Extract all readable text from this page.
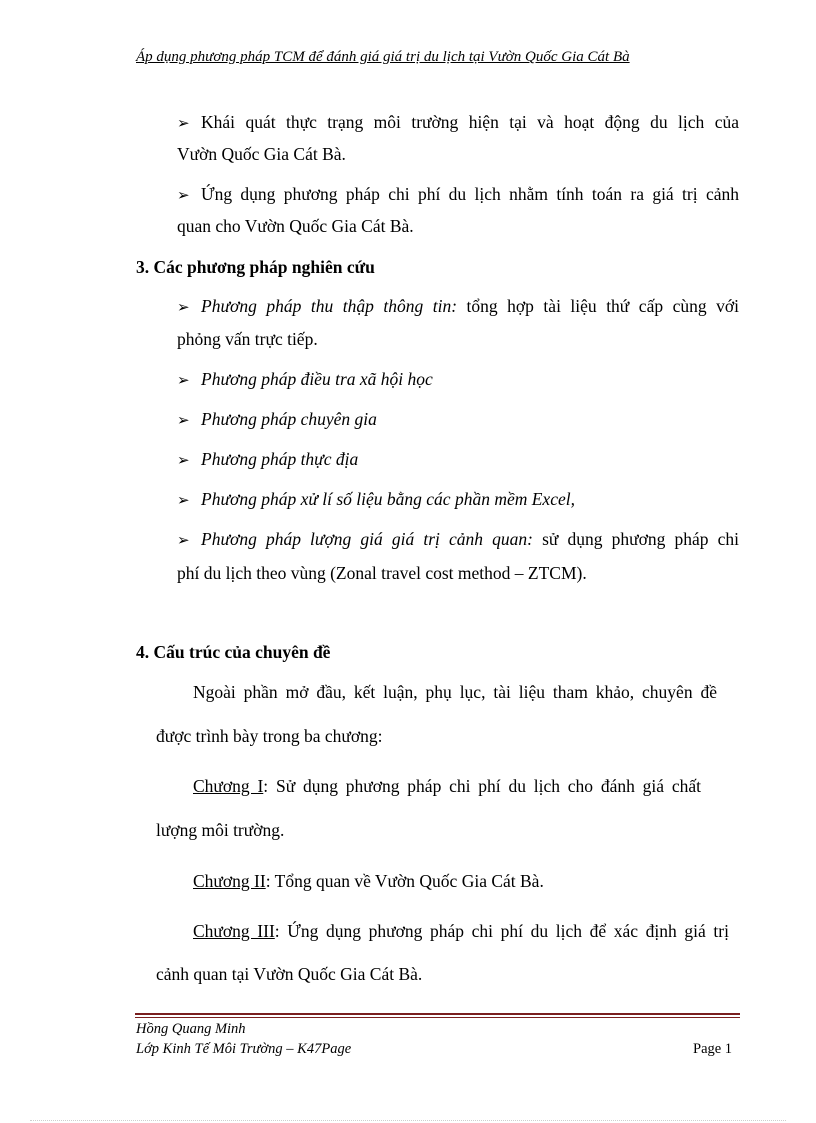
Áp dụng phương pháp TCM để đánh giá giá trị du lịch tại Vườn Quốc Gia Cát Bà
➢ Khái quát thực trạng môi trường hiện tại và hoạt động du lịch của
Vườn Quốc Gia Cát Bà.
➢ Ứng dụng phương pháp chi phí du lịch nhằm tính toán ra giá trị cảnh
quan cho Vườn Quốc Gia Cát Bà.
3. Các phương pháp nghiên cứu
➢ Phương pháp thu thập thông tin: tổng hợp tài liệu thứ cấp cùng với
phỏng vấn trực tiếp.
➢ Phương pháp điều tra xã hội học
➢ Phương pháp chuyên gia
➢ Phương pháp thực địa
➢ Phương pháp xử lí số liệu bằng các phần mềm Excel,
➢ Phương pháp lượng giá giá trị cảnh quan: sử dụng phương pháp chi
phí du lịch theo vùng (Zonal travel cost method – ZTCM).
4. Cấu trúc của chuyên đề
Ngoài phần mở đầu, kết luận, phụ lục, tài liệu tham khảo, chuyên đề
được trình bày trong ba chương:
Chương I: Sử dụng phương pháp chi phí du lịch cho đánh giá chất
lượng môi trường.
Chương II: Tổng quan về Vườn Quốc Gia Cát Bà.
Chương III: Ứng dụng phương pháp chi phí du lịch để xác định giá trị
cảnh quan tại Vườn Quốc Gia Cát Bà.
Hồng Quang Minh
Lớp Kinh Tế Môi Trường – K47Page	Page 1
